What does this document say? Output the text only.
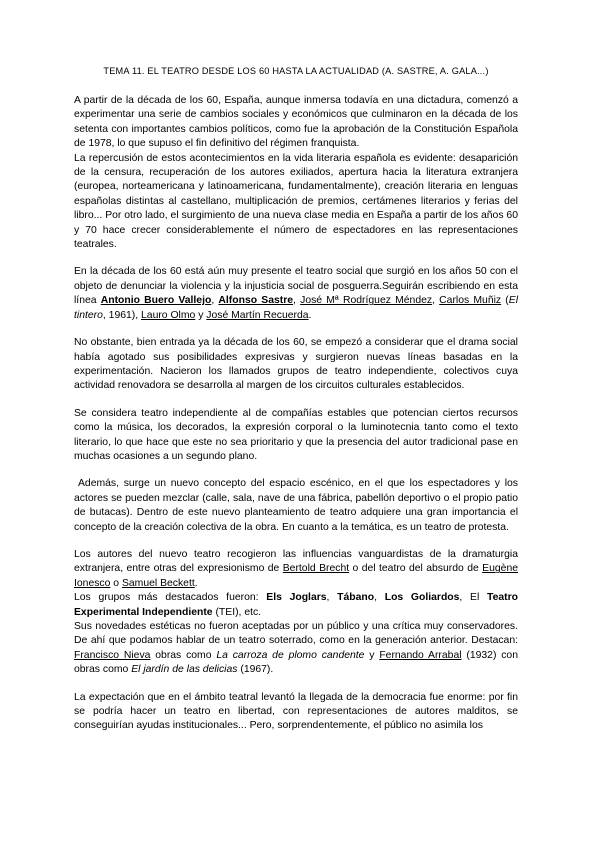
TEMA 11. EL TEATRO DESDE LOS 60 HASTA LA ACTUALIDAD (A. SASTRE, A. GALA...)

A partir de la década de los 60, España, aunque inmersa todavía en una dictadura, comenzó a experimentar una serie de cambios sociales y económicos que culminaron en la década de los setenta con importantes cambios políticos, como fue la aprobación de la Constitución Española de 1978, lo que supuso el fin definitivo del régimen franquista.

La repercusión de estos acontecimientos en la vida literaria española es evidente: desaparición de la censura, recuperación de los autores exiliados, apertura hacia la literatura extranjera (europea, norteamericana y latinoamericana, fundamentalmente), creación literaria en lenguas españolas distintas al castellano, multiplicación de premios, certámenes literarios y ferias del libro... Por otro lado, el surgimiento de una nueva clase media en España a partir de los años 60 y 70 hace crecer considerablemente el número de espectadores en las representaciones teatrales.

En la década de los 60 está aún muy presente el teatro social que surgió en los años 50 con el objeto de denunciar la violencia y la injusticia social de posguerra.Seguirán escribiendo en esta línea Antonio Buero Vallejo, Alfonso Sastre, José Mª Rodríguez Méndez, Carlos Muñiz (El tintero, 1961), Lauro Olmo y José Martín Recuerda.

No obstante, bien entrada ya la década de los 60, se empezó a considerar que el drama social había agotado sus posibilidades expresivas y surgieron nuevas líneas basadas en la experimentación. Nacieron los llamados grupos de teatro independiente, colectivos cuya actividad renovadora se desarrolla al margen de los circuitos culturales establecidos.

Se considera teatro independiente al de compañías estables que potencian ciertos recursos como la música, los decorados, la expresión corporal o la luminotecnia tanto como el texto literario, lo que hace que este no sea prioritario y que la presencia del autor tradicional pase en muchas ocasiones a un segundo plano.

Además, surge un nuevo concepto del espacio escénico, en el que los espectadores y los actores se pueden mezclar (calle, sala, nave de una fábrica, pabellón deportivo o el propio patio de butacas). Dentro de este nuevo planteamiento de teatro adquiere una gran importancia el concepto de la creación colectiva de la obra. En cuanto a la temática, es un teatro de protesta.

Los autores del nuevo teatro recogieron las influencias vanguardistas de la dramaturgia extranjera, entre otras del expresionismo de Bertold Brecht o del teatro del absurdo de Eugène Ionesco o Samuel Beckett.

Los grupos más destacados fueron: Els Joglars, Tábano, Los Goliardos, El Teatro Experimental Independiente (TEI), etc.

Sus novedades estéticas no fueron aceptadas por un público y una crítica muy conservadores. De ahí que podamos hablar de un teatro soterrado, como en la generación anterior. Destacan: Francisco Nieva obras como La carroza de plomo candente y Fernando Arrabal (1932) con obras como El jardín de las delicias (1967).

La expectación que en el ámbito teatral levantó la llegada de la democracia fue enorme: por fin se podría hacer un teatro en libertad, con representaciones de autores malditos, se conseguirían ayudas institucionales... Pero, sorprendentemente, el público no asimila los
